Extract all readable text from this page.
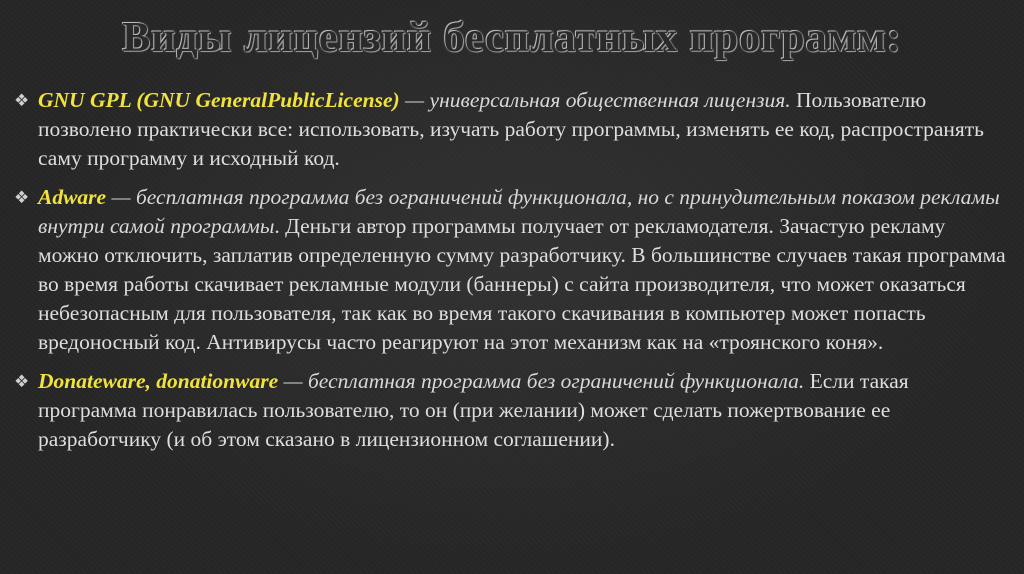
Виды лицензий бесплатных программ:
❖ GNU GPL (GNU GeneralPublicLicense) — универсальная общественная лицензия. Пользователю позволено практически все: использовать, изучать работу программы, изменять ее код, распространять саму программу и исходный код.
❖ Adware — бесплатная программа без ограничений функционала, но с принудительным показом рекламы внутри самой программы. Деньги автор программы получает от рекламодателя. Зачастую рекламу можно отключить, заплатив определенную сумму разработчику. В большинстве случаев такая программа во время работы скачивает рекламные модули (баннеры) с сайта производителя, что может оказаться небезопасным для пользователя, так как во время такого скачивания в компьютер может попасть вредоносный код. Антивирусы часто реагируют на этот механизм как на «троянского коня».
❖ Donateware, donationware — бесплатная программа без ограничений функционала. Если такая программа понравилась пользователю, то он (при желании) может сделать пожертвование ее разработчику (и об этом сказано в лицензионном соглашении).
